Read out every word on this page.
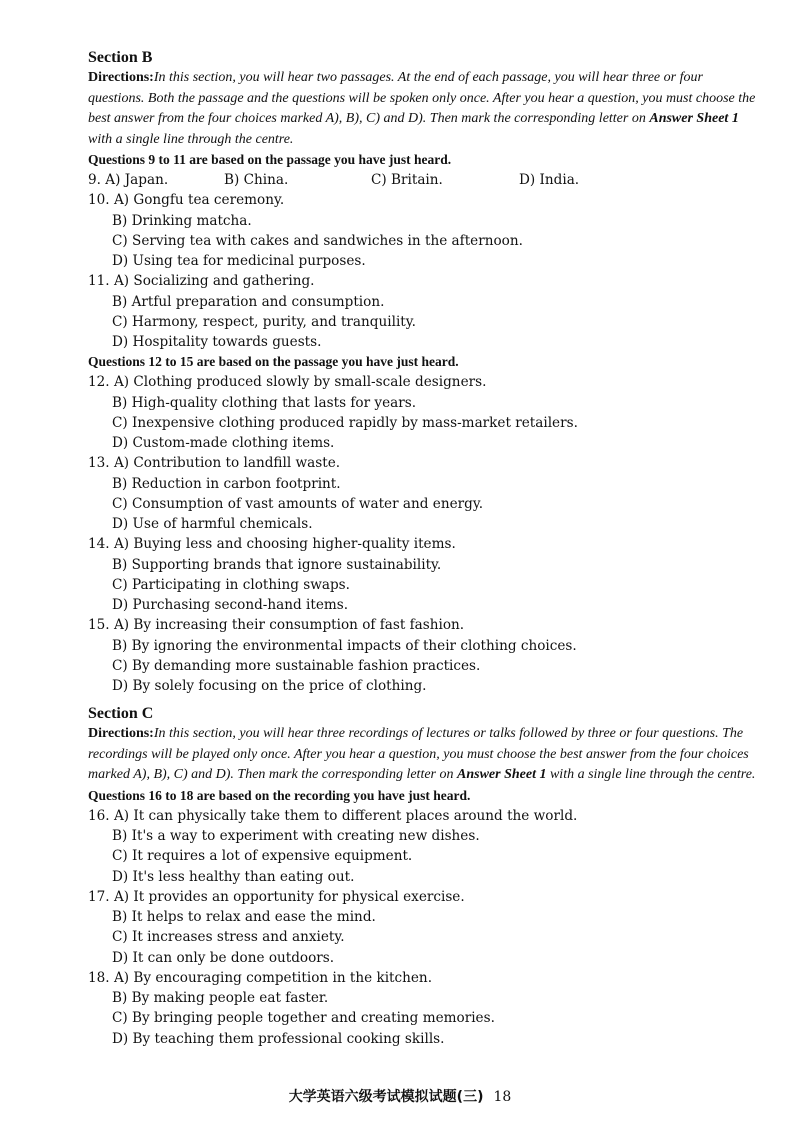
Section B

Directions:In this section, you will hear two passages. At the end of each passage, you will hear three or four questions. Both the passage and the questions will be spoken only once. After you hear a question, you must choose the best answer from the four choices marked A), B), C) and D). Then mark the corresponding letter on Answer Sheet 1 with a single line through the centre.

Questions 9 to 11 are based on the passage you have just heard.

9. A) Japan.	B) China.	C) Britain.	D) India.

10. A) Gongfu tea ceremony.

B) Drinking matcha.

C) Serving tea with cakes and sandwiches in the afternoon.

D) Using tea for medicinal purposes.

11. A) Socializing and gathering.

B) Artful preparation and consumption.

C) Harmony, respect, purity, and tranquility.

D) Hospitality towards guests.

Questions 12 to 15 are based on the passage you have just heard.

12. A) Clothing produced slowly by small-scale designers.

B) High-quality clothing that lasts for years.

C) Inexpensive clothing produced rapidly by mass-market retailers.

D) Custom-made clothing items.

13. A) Contribution to landfill waste.

B) Reduction in carbon footprint.

C) Consumption of vast amounts of water and energy.

D) Use of harmful chemicals.

14. A) Buying less and choosing higher-quality items.

B) Supporting brands that ignore sustainability.

C) Participating in clothing swaps.

D) Purchasing second-hand items.

15. A) By increasing their consumption of fast fashion.

B) By ignoring the environmental impacts of their clothing choices.

C) By demanding more sustainable fashion practices.

D) By solely focusing on the price of clothing.

Section C

Directions:In this section, you will hear three recordings of lectures or talks followed by three or four questions. The recordings will be played only once. After you hear a question, you must choose the best answer from the four choices marked A), B), C) and D). Then mark the corresponding letter on Answer Sheet 1 with a single line through the centre.

Questions 16 to 18 are based on the recording you have just heard.

16. A) It can physically take them to different places around the world.

B) It's a way to experiment with creating new dishes.

C) It requires a lot of expensive equipment.

D) It's less healthy than eating out.

17. A) It provides an opportunity for physical exercise.

B) It helps to relax and ease the mind.

C) It increases stress and anxiety.

D) It can only be done outdoors.

18. A) By encouraging competition in the kitchen.

B) By making people eat faster.

C) By bringing people together and creating memories.

D) By teaching them professional cooking skills.

大学英语六级考试模拟试题(三) 18
